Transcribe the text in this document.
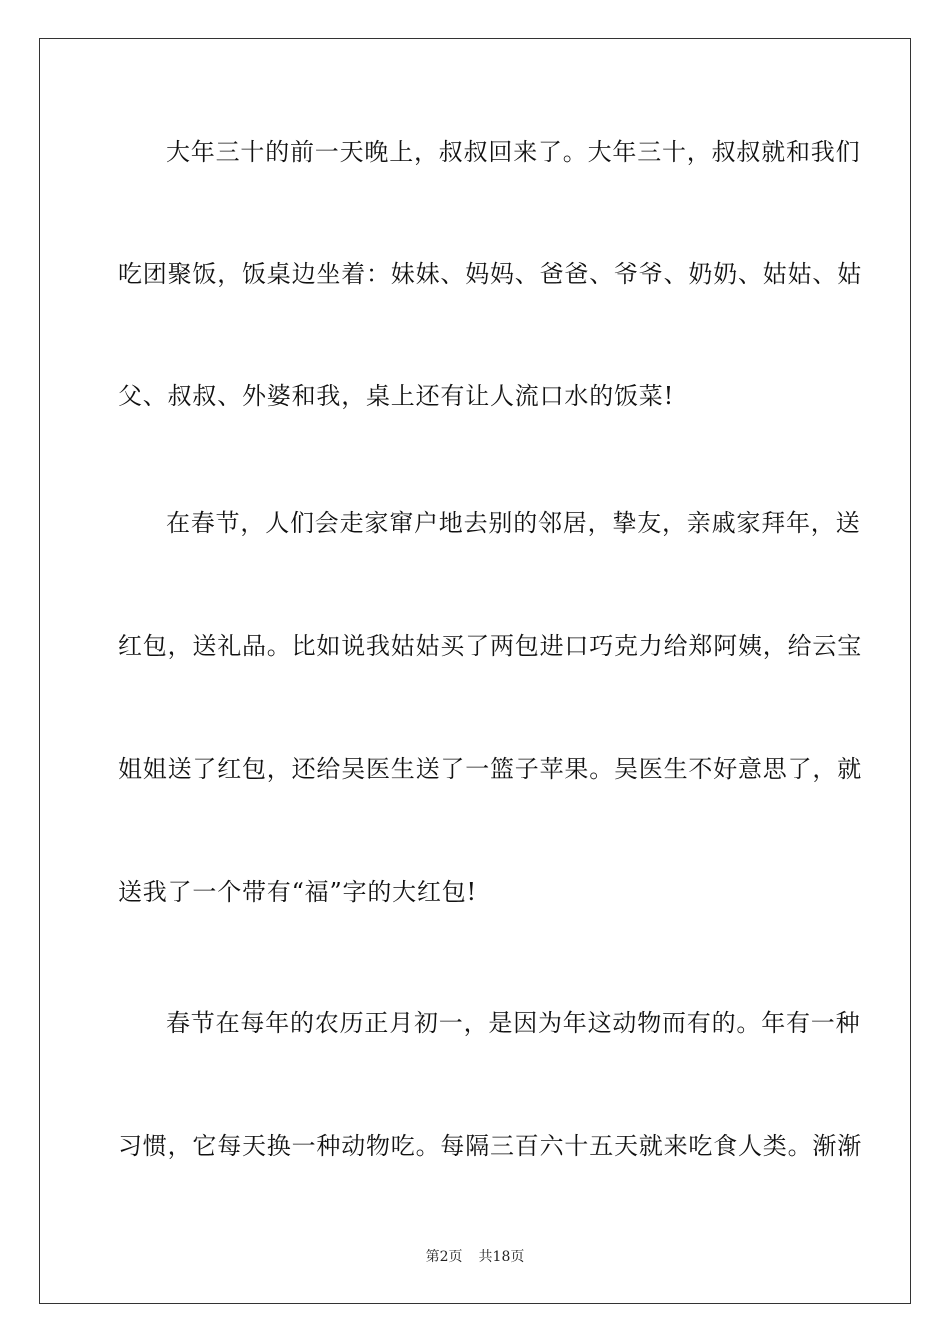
大年三十的前一天晚上，叔叔回来了。大年三十，叔叔就和我们
吃团聚饭，饭桌边坐着：妹妹、妈妈、爸爸、爷爷、奶奶、姑姑、姑
父、叔叔、外婆和我，桌上还有让人流口水的饭菜!
在春节，人们会走家窜户地去别的邻居，挚友，亲戚家拜年，送
红包，送礼品。比如说我姑姑买了两包进口巧克力给郑阿姨，给云宝
姐姐送了红包，还给吴医生送了一篮子苹果。吴医生不好意思了，就
送我了一个带有“福”字的大红包!
春节在每年的农历正月初一，是因为年这动物而有的。年有一种
习惯，它每天换一种动物吃。每隔三百六十五天就来吃食人类。渐渐
第2页 共18页
